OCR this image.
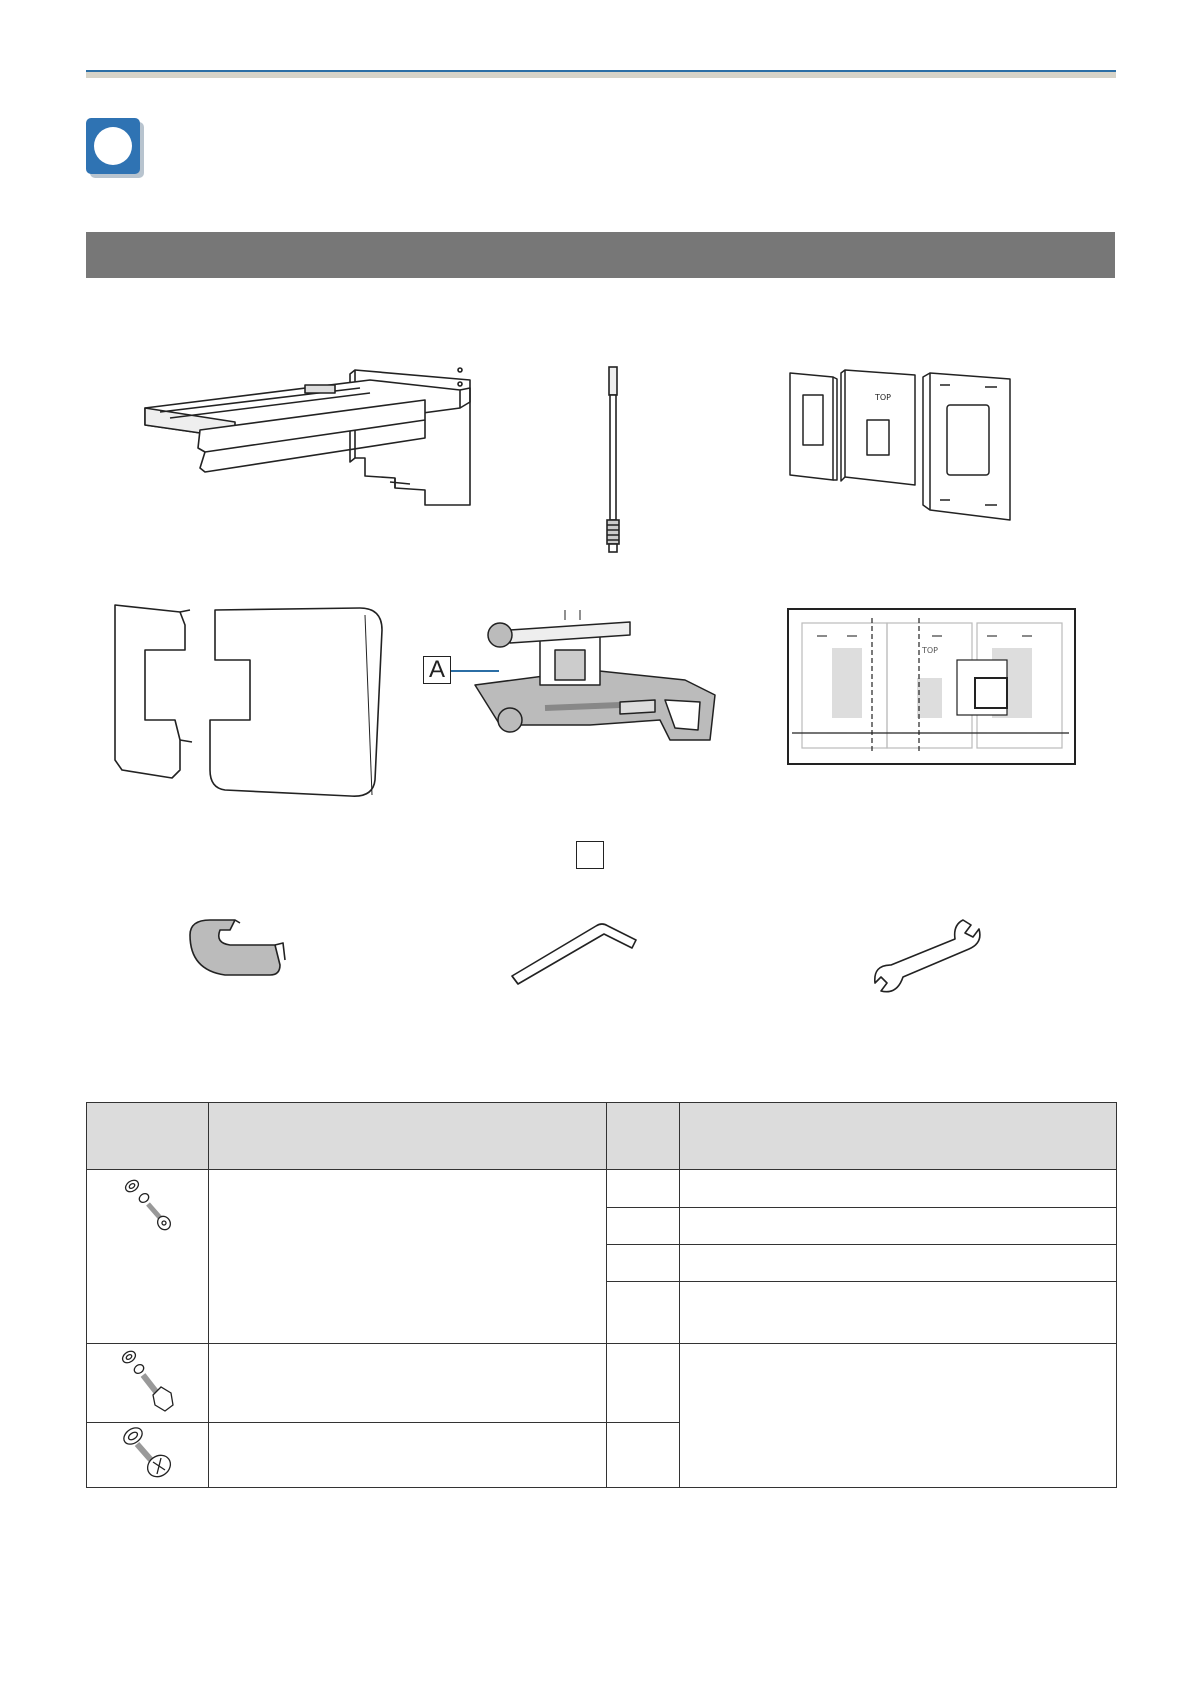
TOP
A
TOP
